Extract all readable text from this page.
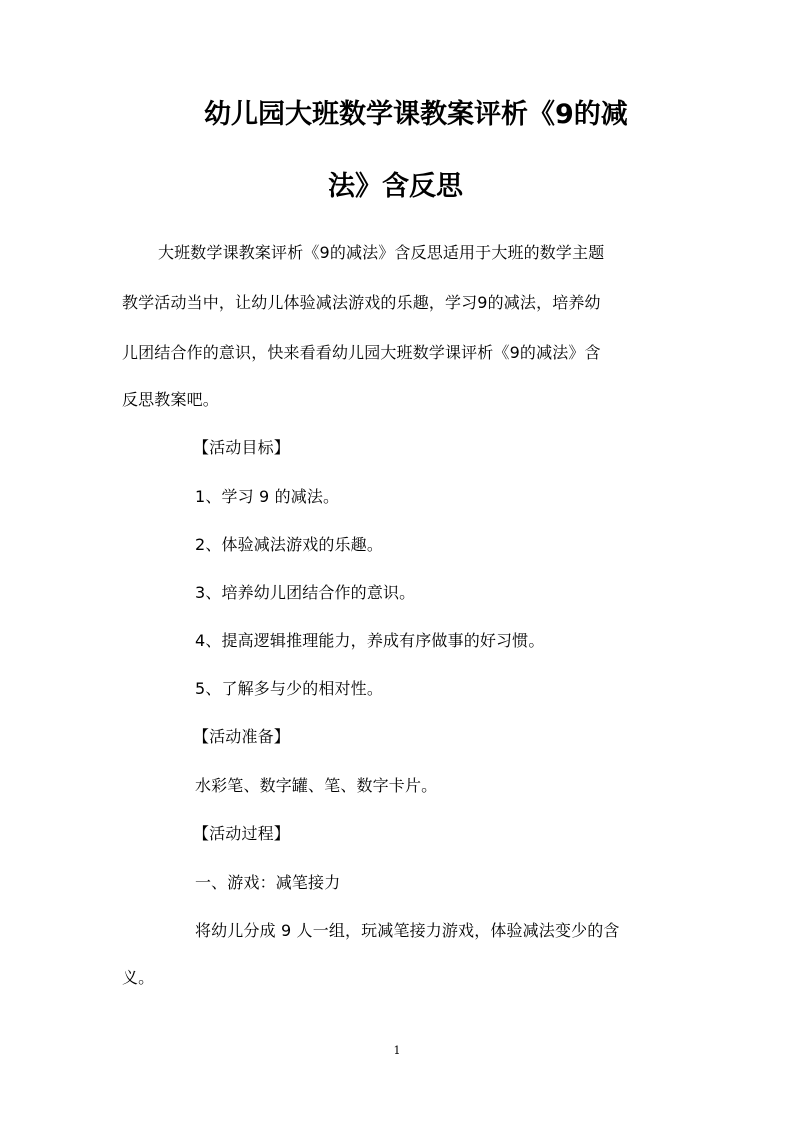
幼儿园大班数学课教案评析《9的减
法》含反思
大班数学课教案评析《9的减法》含反思适用于大班的数学主题
教学活动当中，让幼儿体验减法游戏的乐趣，学习9的减法，培养幼
儿团结合作的意识，快来看看幼儿园大班数学课评析《9的减法》含
反思教案吧。
【活动目标】
1、学习 9 的减法。
2、体验减法游戏的乐趣。
3、培养幼儿团结合作的意识。
4、提高逻辑推理能力，养成有序做事的好习惯。
5、了解多与少的相对性。
【活动准备】
水彩笔、数字罐、笔、数字卡片。
【活动过程】
一、游戏：减笔接力
将幼儿分成 9 人一组，玩减笔接力游戏，体验减法变少的含
义。
1
